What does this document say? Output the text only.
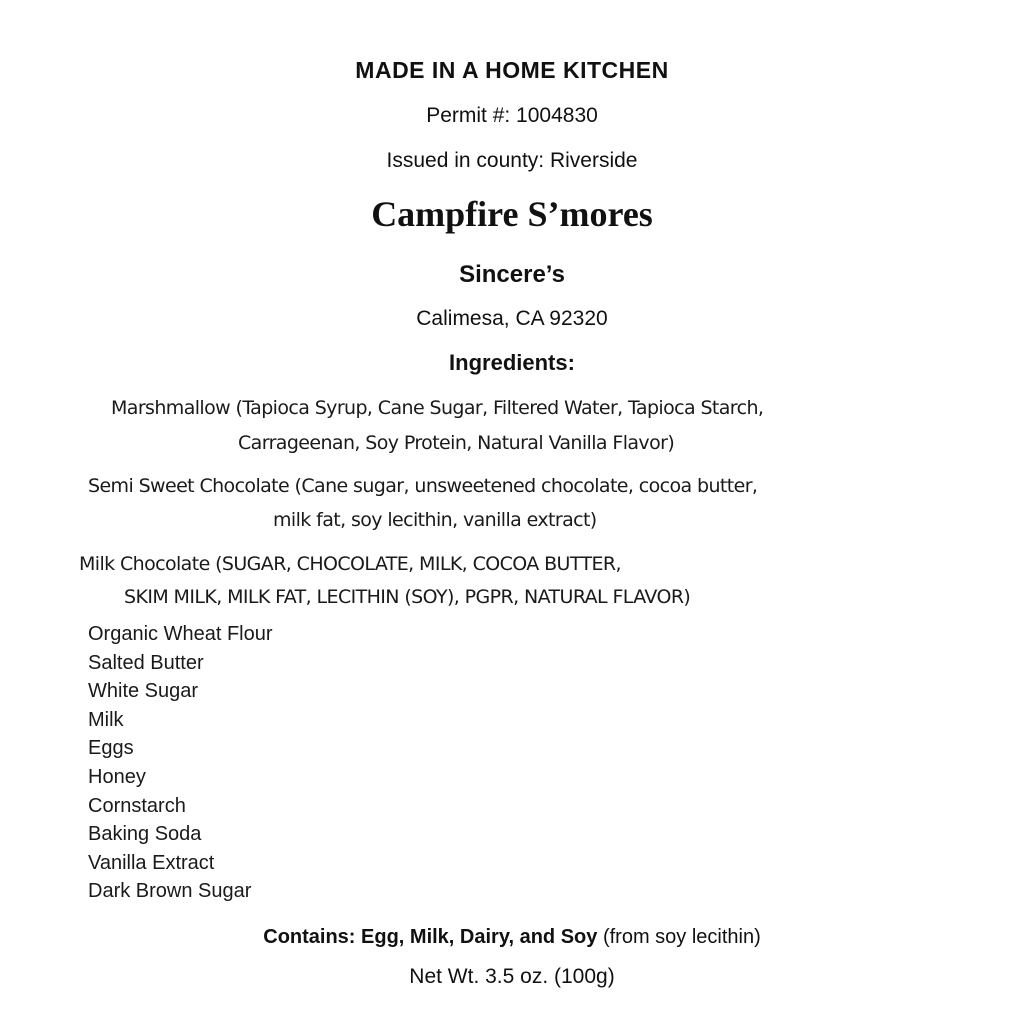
MADE IN A HOME KITCHEN
Permit #: 1004830
Issued in county: Riverside
Campfire S’mores
Sincere’s
Calimesa, CA 92320
Ingredients:
Marshmallow (Tapioca Syrup, Cane Sugar, Filtered Water, Tapioca Starch,
Carrageenan, Soy Protein, Natural Vanilla Flavor)
Semi Sweet Chocolate (Cane sugar, unsweetened chocolate, cocoa butter,
milk fat, soy lecithin, vanilla extract)
Milk Chocolate (SUGAR, CHOCOLATE, MILK, COCOA BUTTER,
SKIM MILK, MILK FAT, LECITHIN (SOY), PGPR, NATURAL FLAVOR)
Organic Wheat Flour
Salted Butter
White Sugar
Milk
Eggs
Honey
Cornstarch
Baking Soda
Vanilla Extract
Dark Brown Sugar
Contains: Egg, Milk, Dairy, and Soy (from soy lecithin)
Net Wt. 3.5 oz. (100g)
